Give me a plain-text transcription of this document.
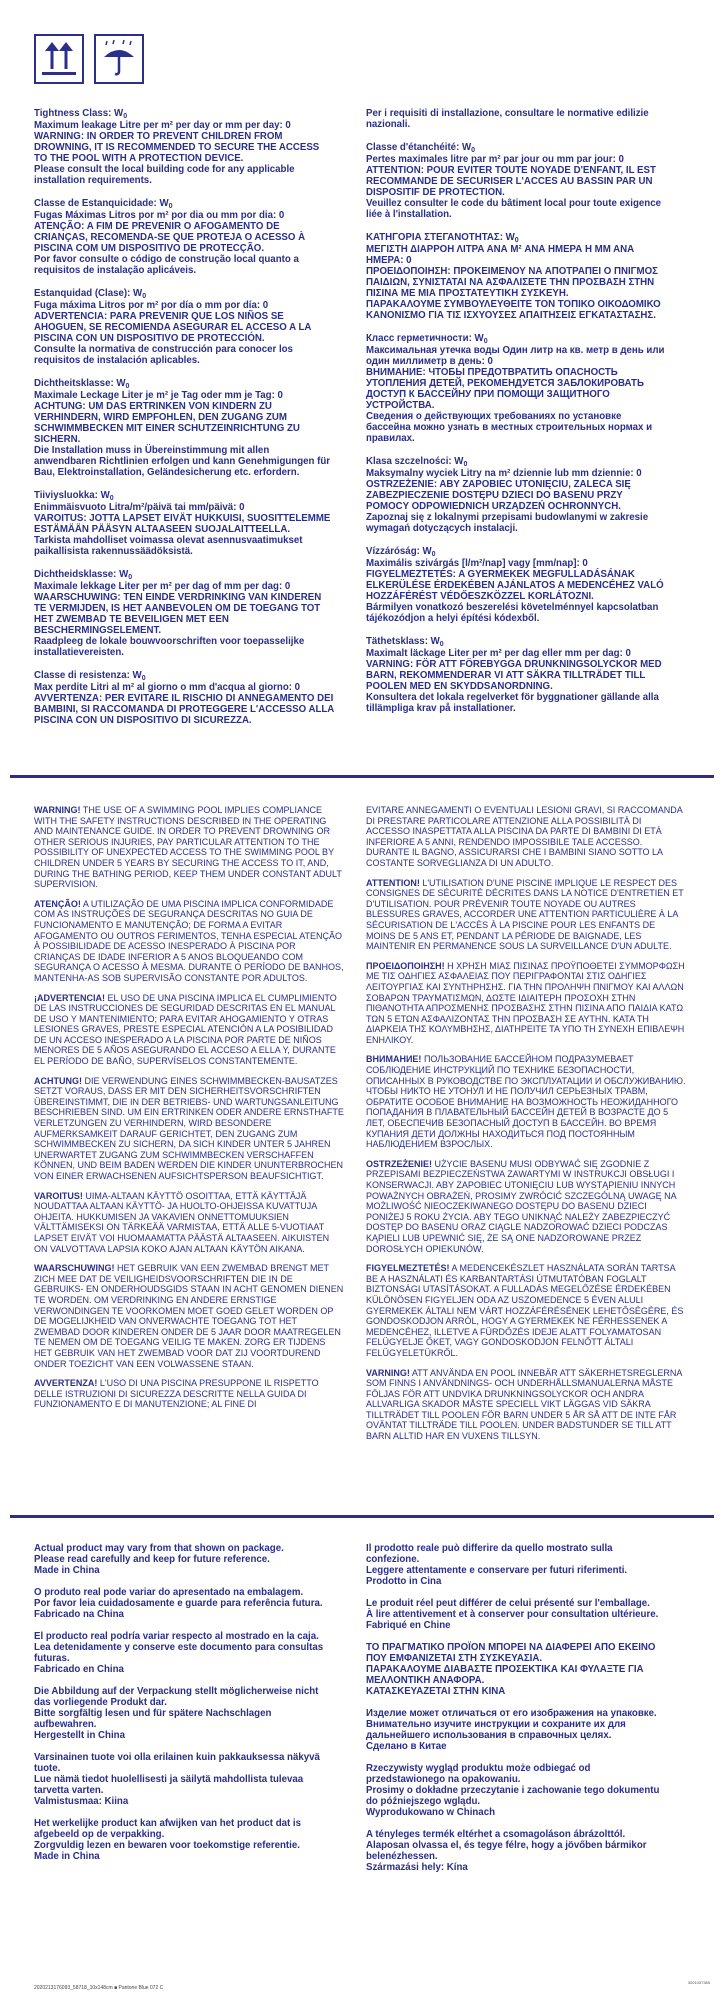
Tightness Class: $W_0$
Maximum leakage Litre per m² per day or mm per day: 0
WARNING: IN ORDER TO PREVENT CHILDREN FROM DROWNING, IT IS RECOMMENDED TO SECURE THE ACCESS TO THE POOL WITH A PROTECTION DEVICE.
Please consult the local building code for any applicable installation requirements.
Classe de Estanquicidade: $W_0$
Fugas Máximas Litros por m² por dia ou mm por dia: 0
ATENÇÃO: A FIM DE PREVENIR O AFOGAMENTO DE CRIANÇAS, RECOMENDA-SE QUE PROTEJA O ACESSO À PISCINA COM UM DISPOSITIVO DE PROTECÇÃO.
Por favor consulte o código de construção local quanto a requisitos de instalação aplicáveis.
Estanquidad (Clase): $W_0$
Fuga máxima Litros por m² por día o mm por día: 0
ADVERTENCIA: PARA PREVENIR QUE LOS NIÑOS SE AHOGUEN, SE RECOMIENDA ASEGURAR EL ACCESO A LA PISCINA CON UN DISPOSITIVO DE PROTECCIÓN.
Consulte la normativa de construcción para conocer los requisitos de instalación aplicables.
Dichtheitsklasse: $W_0$
Maximale Leckage Liter je m² je Tag oder mm je Tag: 0
ACHTUNG: UM DAS ERTRINKEN VON KINDERN ZU VERHINDERN, WIRD EMPFOHLEN, DEN ZUGANG ZUM SCHWIMMBECKEN MIT EINER SCHUTZEINRICHTUNG ZU SICHERN.
Die Installation muss in Übereinstimmung mit allen anwendbaren Richtlinien erfolgen und kann Genehmigungen für Bau, Elektroinstallation, Geländesicherung etc. erfordern.
Tiiviysluokka: $W_0$
Enimmäisvuoto Litra/m²/päivä tai mm/päivä: 0
VAROITUS: JOTTA LAPSET EIVÄT HUKKUISI, SUOSITTELEMME ESTÄMÄÄN PÄÄSYN ALTAASEEN SUOJALAITTEELLA.
Tarkista mahdolliset voimassa olevat asennusvaatimukset paikallisista rakennussäädöksistä.
Dichtheidsklasse: $W_0$
Maximale lekkage Liter per m² per dag of mm per dag: 0
WAARSCHUWING: TEN EINDE VERDRINKING VAN KINDEREN TE VERMIJDEN, IS HET AANBEVOLEN OM DE TOEGANG TOT HET ZWEMBAD TE BEVEILIGEN MET EEN BESCHERMINGSELEMENT.
Raadpleeg de lokale bouwvoorschriften voor toepasselijke installatievereisten.
Classe di resistenza: $W_0$
Max perdite Litri al m² al giorno o mm d'acqua al giorno: 0
AVVERTENZA: PER EVITARE IL RISCHIO DI ANNEGAMENTO DEI BAMBINI, SI RACCOMANDA DI PROTEGGERE L'ACCESSO ALLA PISCINA CON UN DISPOSITIVO DI SICUREZZA.
Per i requisiti di installazione, consultare le normative edilizie nazionali.
Classe d'étanchéité: $W_0$
Pertes maximales litre par m² par jour ou mm par jour: 0
ATTENTION: POUR EVITER TOUTE NOYADE D'ENFANT, IL EST RECOMMANDE DE SECURISER L'ACCES AU BASSIN PAR UN DISPOSITIF DE PROTECTION.
Veuillez consulter le code du bâtiment local pour toute exigence liée à l'installation.
ΚΑΤΗΓΟΡΙΑ ΣΤΕΓΑΝΟΤΗΤΑΣ: $W_0$
ΜΕΓΙΣΤΗ ΔΙΑΡΡΟΗ ΛΙΤΡΑ ΑΝΑ M² ΑΝΑ ΗΜΕΡΑ Η ΜΜ ΑΝΑ ΗΜΕΡΑ: 0
ΠΡΟΕΙΔΟΠΟΙΗΣΗ: ΠΡΟΚΕΙΜΕΝΟΥ ΝΑ ΑΠΟΤΡΑΠΕΙ Ο ΠΝΙΓΜΟΣ ΠΑΙΔΙΩΝ, ΣΥΝΙΣΤΑΤΑΙ ΝΑ ΑΣΦΑΛΙΣΕΤΕ ΤΗΝ ΠΡΟΣΒΑΣΗ ΣΤΗΝ ΠΙΣΙΝΑ ΜΕ ΜΙΑ ΠΡΟΣΤΑΤΕΥΤΙΚΗ ΣΥΣΚΕΥΗ.
ΠΑΡΑΚΑΛΟΥΜΕ ΣΥΜΒΟΥΛΕΥΘΕΙΤΕ ΤΟΝ ΤΟΠΙΚΟ ΟΙΚΟΔΟΜΙΚΟ ΚΑΝΟΝΙΣΜΟ ΓΙΑ ΤΙΣ ΙΣΧΥΟΥΣΕΣ ΑΠΑΙΤΗΣΕΙΣ ΕΓΚΑΤΑΣΤΑΣΗΣ.
Класс герметичности: $W_0$
Максимальная утечка воды Один литр на кв. метр в день или один миллиметр в день: 0
ВНИМАНИЕ: ЧТОБЫ ПРЕДОТВРАТИТЬ ОПАСНОСТЬ УТОПЛЕНИЯ ДЕТЕЙ, РЕКОМЕНДУЕТСЯ ЗАБЛОКИРОВАТЬ ДОСТУП К БАССЕЙНУ ПРИ ПОМОЩИ ЗАЩИТНОГО УСТРОЙСТВА.
Сведения о действующих требованиях по установке бассейна можно узнать в местных строительных нормах и правилах.
Klasa szczelności: $W_0$
Maksymalny wyciek Litry na m² dziennie lub mm dziennie: 0
OSTRZEŻENIE: ABY ZAPOBIEC UTONIĘCIU, ZALECA SIĘ ZABEZPIECZENIE DOSTĘPU DZIECI DO BASENU PRZY POMOCY ODPOWIEDNICH URZĄDZEŃ OCHRONNYCH.
Zapoznaj się z lokalnymi przepisami budowlanymi w zakresie wymagań dotyczących instalacji.
Vízzáróság: $W_0$
Maximális szivárgás [l/m²/nap] vagy [mm/nap]: 0
FIGYELMEZTETÉS: A GYERMEKEK MEGFULLADÁSÁNAK ELKERÜLÉSE ÉRDEKÉBEN AJÁNLATOS A MEDENCÉHEZ VALÓ HOZZÁFÉRÉST VÉDŐESZKÖZZEL KORLÁTOZNI.
Bármilyen vonatkozó beszerelési követelménnyel kapcsolatban tájékozódjon a helyi építési kódexből.
Täthetsklass: $W_0$
Maximalt läckage Liter per m² per dag eller mm per dag: 0
VARNING: FÖR ATT FÖREBYGGA DRUNKNINGSOLYCKOR MED BARN, REKOMMENDERAR VI ATT SÄKRA TILLTRÄDET TILL POOLEN MED EN SKYDDSANORDNING.
Konsultera det lokala regelverket för byggnationer gällande alla tillämpliga krav på installationer.

WARNING! THE USE OF A SWIMMING POOL IMPLIES COMPLIANCE WITH THE SAFETY INSTRUCTIONS DESCRIBED IN THE OPERATING AND MAINTENANCE GUIDE. IN ORDER TO PREVENT DROWNING OR OTHER SERIOUS INJURIES, PAY PARTICULAR ATTENTION TO THE POSSIBILITY OF UNEXPECTED ACCESS TO THE SWIMMING POOL BY CHILDREN UNDER 5 YEARS BY SECURING THE ACCESS TO IT, AND, DURING THE BATHING PERIOD, KEEP THEM UNDER CONSTANT ADULT SUPERVISION.

ATENÇÃO! A UTILIZAÇÃO DE UMA PISCINA IMPLICA CONFORMIDADE COM AS INSTRUÇÕES DE SEGURANÇA DESCRITAS NO GUIA DE FUNCIONAMENTO E MANUTENÇÃO; DE FORMA A EVITAR AFOGAMENTO OU OUTROS FERIMENTOS, TENHA ESPECIAL ATENÇÃO À POSSIBILIDADE DE ACESSO INESPERADO À PISCINA POR CRIANÇAS DE IDADE INFERIOR A 5 ANOS BLOQUEANDO COM SEGURANÇA O ACESSO À MESMA. DURANTE O PERÍODO DE BANHOS, MANTENHA-AS SOB SUPERVISÃO CONSTANTE POR ADULTOS.

¡ADVERTENCIA! EL USO DE UNA PISCINA IMPLICA EL CUMPLIMIENTO DE LAS INSTRUCCIONES DE SEGURIDAD DESCRITAS EN EL MANUAL DE USO Y MANTENIMIENTO; PARA EVITAR AHOGAMIENTO Y OTRAS LESIONES GRAVES, PRESTE ESPECIAL ATENCIÓN A LA POSIBILIDAD DE UN ACCESO INESPERADO A LA PISCINA POR PARTE DE NIÑOS MENORES DE 5 AÑOS ASEGURANDO EL ACCESO A ELLA Y, DURANTE EL PERÍODO DE BAÑO, SUPERVÍSELOS CONSTANTEMENTE.

ACHTUNG! DIE VERWENDUNG EINES SCHWIMMBECKEN-BAUSATZES SETZT VORAUS, DASS ER MIT DEN SICHERHEITSVORSCHRIFTEN ÜBEREINSTIMMT, DIE IN DER BETRIEBS- UND WARTUNGSANLEITUNG BESCHRIEBEN SIND. UM EIN ERTRINKEN ODER ANDERE ERNSTHAFTE VERLETZUNGEN ZU VERHINDERN, WIRD BESONDERE AUFMERKSAMKEIT DARAUF GERICHTET, DEN ZUGANG ZUM SCHWIMMBECKEN ZU SICHERN, DA SICH KINDER UNTER 5 JAHREN UNERWARTET ZUGANG ZUM SCHWIMMBECKEN VERSCHAFFEN KÖNNEN, UND BEIM BADEN WERDEN DIE KINDER UNUNTERBROCHEN VON EINER ERWACHSENEN AUFSICHTSPERSON BEAUFSICHTIGT.

VAROITUS! UIMA-ALTAAN KÄYTTÖ OSOITTAA, ETTÄ KÄYTTÄJÄ NOUDATTAA ALTAAN KÄYTTÖ- JA HUOLTO-OHJEISSA KUVATTUJA OHJEITA. HUKKUMISEN JA VAKAVIEN ONNETTOMUUKSIEN VÄLTTÄMISEKSI ON TÄRKEÄÄ VARMISTAA, ETTÄ ALLE 5-VUOTIAAT LAPSET EIVÄT VOI HUOMAAMATTA PÄÄSTÄ ALTAASEEN. AIKUISTEN ON VALVOTTAVA LAPSIA KOKO AJAN ALTAAN KÄYTÖN AIKANA.

WAARSCHUWING! HET GEBRUIK VAN EEN ZWEMBAD BRENGT MET ZICH MEE DAT DE VEILIGHEIDSVOORSCHRIFTEN DIE IN DE GEBRUIKS- EN ONDERHOUDSGIDS STAAN IN ACHT GENOMEN DIENEN TE WORDEN. OM VERDRINKING EN ANDERE ERNSTIGE VERWONDINGEN TE VOORKOMEN MOET GOED GELET WORDEN OP DE MOGELIJKHEID VAN ONVERWACHTE TOEGANG TOT HET ZWEMBAD DOOR KINDEREN ONDER DE 5 JAAR DOOR MAATREGELEN TE NEMEN OM DE TOEGANG VEILIG TE MAKEN. ZORG ER TIJDENS HET GEBRUIK VAN HET ZWEMBAD VOOR DAT ZIJ VOORTDUREND ONDER TOEZICHT VAN EEN VOLWASSENE STAAN.

AVVERTENZA! L'USO DI UNA PISCINA PRESUPPONE IL RISPETTO DELLE ISTRUZIONI DI SICUREZZA DESCRITTE NELLA GUIDA DI FUNZIONAMENTO E DI MANUTENZIONE; AL FINE DI

EVITARE ANNEGAMENTI O EVENTUALI LESIONI GRAVI, SI RACCOMANDA DI PRESTARE PARTICOLARE ATTENZIONE ALLA POSSIBILITÀ DI ACCESSO INASPETTATA ALLA PISCINA DA PARTE DI BAMBINI DI ETÀ INFERIORE A 5 ANNI, RENDENDO IMPOSSIBILE TALE ACCESSO. DURANTE IL BAGNO, ASSICURARSI CHE I BAMBINI SIANO SOTTO LA COSTANTE SORVEGLIANZA DI UN ADULTO.

ATTENTION! L'UTILISATION D'UNE PISCINE IMPLIQUE LE RESPECT DES CONSIGNES DE SÉCURITÉ DÉCRITES DANS LA NOTICE D'ENTRETIEN ET D'UTILISATION. POUR PRÉVENIR TOUTE NOYADE OU AUTRES BLESSURES GRAVES, ACCORDER UNE ATTENTION PARTICULIÈRE À LA SÉCURISATION DE L'ACCÈS À LA PISCINE POUR LES ENFANTS DE MOINS DE 5 ANS ET, PENDANT LA PÉRIODE DE BAIGNADE, LES MAINTENIR EN PERMANENCE SOUS LA SURVEILLANCE D'UN ADULTE.

ΠΡΟΕΙΔΟΠΟΙΗΣΗ! Η ΧΡΗΣΗ ΜΙΑΣ ΠΙΣΙΝΑΣ ΠΡΟΫΠΟΘΕΤΕΙ ΣΥΜΜΟΡΦΩΣΗ ΜΕ ΤΙΣ ΟΔΗΓΙΕΣ ΑΣΦΑΛΕΙΑΣ ΠΟΥ ΠΕΡΙΓΡΑΦΟΝΤΑΙ ΣΤΙΣ ΟΔΗΓΙΕΣ ΛΕΙΤΟΥΡΓΙΑΣ ΚΑΙ ΣΥΝΤΗΡΗΣΗΣ. ΓΙΑ ΤΗΝ ΠΡΟΛΗΨΗ ΠΝΙΓΜΟΥ ΚΑΙ ΑΛΛΩΝ ΣΟΒΑΡΩΝ ΤΡΑΥΜΑΤΙΣΜΩΝ, ΔΩΣΤΕ ΙΔΙΑΙΤΕΡΗ ΠΡΟΣΟΧΗ ΣΤΗΝ ΠΙΘΑΝΟΤΗΤΑ ΑΠΡΟΣΜΕΝΗΣ ΠΡΟΣΒΑΣΗΣ ΣΤΗΝ ΠΙΣΙΝΑ ΑΠΟ ΠΑΙΔΙΑ ΚΑΤΩ ΤΩΝ 5 ΕΤΩΝ ΑΣΦΑΛΙΖΟΝΤΑΣ ΤΗΝ ΠΡΟΣΒΑΣΗ ΣΕ ΑΥΤΗΝ. ΚΑΤΑ ΤΗ ΔΙΑΡΚΕΙΑ ΤΗΣ ΚΟΛΥΜΒΗΣΗΣ, ΔΙΑΤΗΡΕΙΤΕ ΤΑ ΥΠΟ ΤΗ ΣΥΝΕΧΗ ΕΠΙΒΛΕΨΗ ΕΝΗΛΙΚΟΥ.

ВНИМАНИЕ! ПОЛЬЗОВАНИЕ БАССЕЙНОМ ПОДРАЗУМЕВАЕТ СОБЛЮДЕНИЕ ИНСТРУКЦИЙ ПО ТЕХНИКЕ БЕЗОПАСНОСТИ, ОПИСАННЫХ В РУКОВОДСТВЕ ПО ЭКСПЛУАТАЦИИ И ОБСЛУЖИВАНИЮ. ЧТОБЫ НИКТО НЕ УТОНУЛ И НЕ ПОЛУЧИЛ СЕРЬЕЗНЫХ ТРАВМ, ОБРАТИТЕ ОСОБОЕ ВНИМАНИЕ НА ВОЗМОЖНОСТЬ НЕОЖИДАННОГО ПОПАДАНИЯ В ПЛАВАТЕЛЬНЫЙ БАССЕЙН ДЕТЕЙ В ВОЗРАСТЕ ДО 5 ЛЕТ, ОБЕСПЕЧИВ БЕЗОПАСНЫЙ ДОСТУП В БАССЕЙН. ВО ВРЕМЯ КУПАНИЯ ДЕТИ ДОЛЖНЫ НАХОДИТЬСЯ ПОД ПОСТОЯННЫМ НАБЛЮДЕНИЕМ ВЗРОСЛЫХ.

OSTRZEŻENIE! UŻYCIE BASENU MUSI ODBYWAĆ SIĘ ZGODNIE Z PRZEPISAMI BEZPIECZEŃSTWA ZAWARTYMI W INSTRUKCJI OBSŁUGI I KONSERWACJI. ABY ZAPOBIEC UTONIĘCIU LUB WYSTĄPIENIU INNYCH POWAŻNYCH OBRAŻEŃ, PROSIMY ZWRÓCIĆ SZCZEGÓLNĄ UWAGĘ NA MOŻLIWOŚĆ NIEOCZEKIWANEGO DOSTĘPU DO BASENU DZIECI PONIŻEJ 5 ROKU ŻYCIA. ABY TEGO UNIKNĄĆ NALEŻY ZABEZPIECZYĆ DOSTĘP DO BASENU ORAZ CIĄGLE NADZOROWAĆ DZIECI PODCZAS KĄPIELI LUB UPEWNIĆ SIĘ, ŻE SĄ ONE NADZOROWANE PRZEZ DOROSŁYCH OPIEKUNÓW.

FIGYELMEZTETÉS! A MEDENCEKÉSZLET HASZNÁLATA SORÁN TARTSA BE A HASZNÁLATI ÉS KARBANTARTÁSI ÚTMUTATÓBAN FOGLALT BIZTONSÁGI UTASÍTÁSOKAT. A FULLADÁS MEGELŐZÉSE ÉRDEKÉBEN KÜLÖNÖSEN FIGYELJEN ODA AZ USZOMEDENCE 5 ÉVEN ALULI GYERMEKEK ÁLTALI NEM VÁRT HOZZÁFÉRÉSÉNEK LEHETŐSÉGÉRE, ÉS GONDOSKODJON ARRÓL, HOGY A GYERMEKEK NE FÉRHESSENEK A MEDENCÉHEZ, ILLETVE A FÜRDŐZÉS IDEJE ALATT FOLYAMATOSAN FELÜGYELJE ŐKET, VAGY GONDOSKODJON FELNŐTT ÁLTALI FELÜGYELETÜKRŐL.

VARNING! ATT ANVÄNDA EN POOL INNEBÄR ATT SÄKERHETSREGLERNA SOM FINNS I ANVÄNDNINGS- OCH UNDERHÅLLSMANUALERNA MÅSTE FÖLJAS FÖR ATT UNDVIKA DRUNKNINGSOLYCKOR OCH ANDRA ALLVARLIGA SKADOR MÅSTE SPECIELL VIKT LÄGGAS VID SÄKRA TILLTRÄDET TILL POOLEN FÖR BARN UNDER 5 ÅR SÅ ATT DE INTE FÅR OVÄNTAT TILLTRÄDE TILL POOLEN. UNDER BADSTUNDER SE TILL ATT BARN ALLTID HAR EN VUXENS TILLSYN.

Actual product may vary from that shown on package.
Please read carefully and keep for future reference.
Made in China
O produto real pode variar do apresentado na embalagem.
Por favor leia cuidadosamente e guarde para referência futura.
Fabricado na China
El producto real podría variar respecto al mostrado en la caja.
Lea detenidamente y conserve este documento para consultas futuras.
Fabricado en China
Die Abbildung auf der Verpackung stellt möglicherweise nicht das vorliegende Produkt dar.
Bitte sorgfältig lesen und für spätere Nachschlagen aufbewahren.
Hergestellt in China
Varsinainen tuote voi olla erilainen kuin pakkauksessa näkyvä tuote.
Lue nämä tiedot huolellisesti ja säilytä mahdollista tulevaa tarvetta varten.
Valmistusmaa: Kiina
Het werkelijke product kan afwijken van het product dat is afgebeeld op de verpakking.
Zorgvuldig lezen en bewaren voor toekomstige referentie.
Made in China
Il prodotto reale può differire da quello mostrato sulla confezione.
Leggere attentamente e conservare per futuri riferimenti.
Prodotto in Cina
Le produit réel peut différer de celui présenté sur l'emballage.
À lire attentivement et à conserver pour consultation ultérieure.
Fabriqué en Chine
ΤΟ ΠΡΑΓΜΑΤΙΚΟ ΠΡΟΪΟΝ ΜΠΟΡΕΙ ΝΑ ΔΙΑΦΕΡΕΙ ΑΠΟ ΕΚΕΙΝΟ ΠΟΥ ΕΜΦΑΝΙΖΕΤΑΙ ΣΤΗ ΣΥΣΚΕΥΑΣΙΑ.
ΠΑΡΑΚΑΛΟΥΜΕ ΔΙΑΒΑΣΤΕ ΠΡΟΣΕΚΤΙΚΑ ΚΑΙ ΦΥΛΑΞΤΕ ΓΙΑ ΜΕΛΛΟΝΤΙΚΗ ΑΝΑΦΟΡΑ.
ΚΑΤΑΣΚΕΥΑΖΕΤΑΙ ΣΤΗΝ ΚΙΝΑ
Изделие может отличаться от его изображения на упаковке.
Внимательно изучите инструкции и сохраните их для дальнейшего использования в справочных целях.
Сделано в Китае
Rzeczywisty wygląd produktu może odbiegać od przedstawionego na opakowaniu.
Prosimy o dokładne przeczytanie i zachowanie tego dokumentu do późniejszego wglądu.
Wyprodukowano w Chinach
A tényleges termék eltérhet a csomagoláson ábrázolttól.
Alaposan olvassa el, és tegye félre, hogy a jövőben bármikor belenézhessen.
Származási hely: Kína
2020213176093_58718_10x148cm ■ Pantone Blue 072 C
3001057385
